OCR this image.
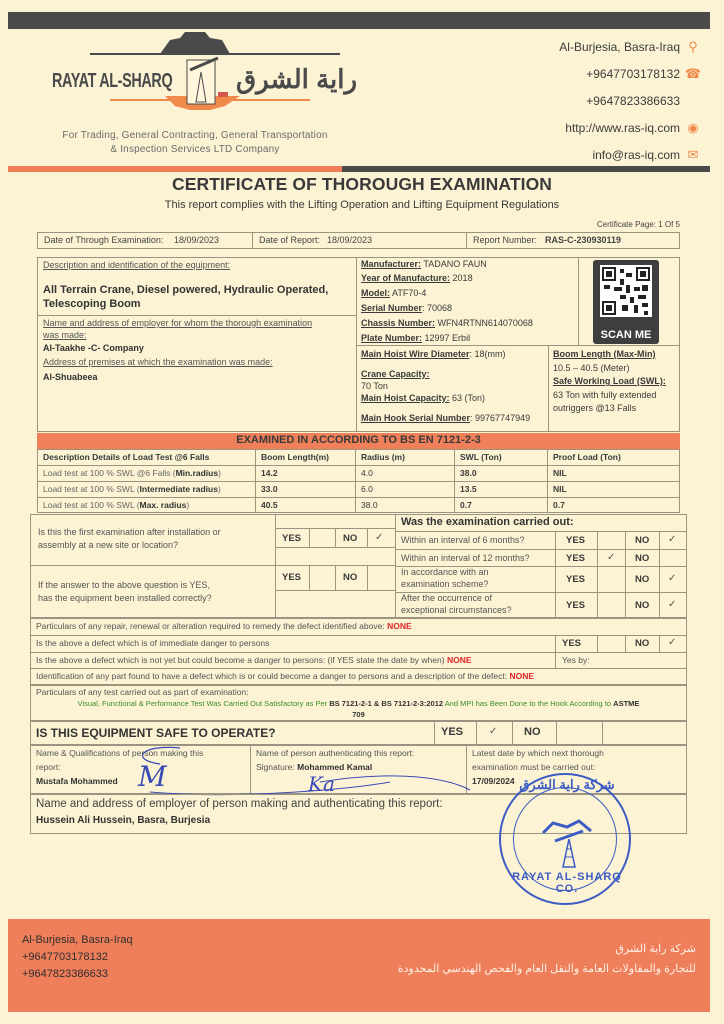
RAYAT AL-SHARQ راية الشرق
For Trading, General Contracting, General Transportation
& Inspection Services LTD Company
Al-Burjesia, Basra-Iraq ⚲
+9647703178132 ☎
+9647823386633
http://www.ras-iq.com ◉
info@ras-iq.com ✉
CERTIFICATE OF THOROUGH EXAMINATION
This report complies with the Lifting Operation and Lifting Equipment Regulations
Certificate Page: 1 Of 5
Date of Through Examination: 18/09/2023	Date of Report: 18/09/2023	Report Number: RAS-C-230930119
Description and identification of the equipment:
All Terrain Crane, Diesel powered, Hydraulic Operated,
Telescoping Boom
Name and address of employer for whom the thorough examination
was made:
Al-Taakhe -C- Company
Address of premises at which the examination was made:
Al-Shuabeea
Manufacturer: TADANO FAUN
Year of Manufacture: 2018
Model: ATF70-4
Serial Number: 70068
Chassis Number: WFN4RTNN614070068
Plate Number: 12997 Erbil	SCAN ME
Main Hoist Wire Diameter: 18(mm)
Crane Capacity:
70 Ton
Main Hoist Capacity: 63 (Ton)
Main Hook Serial Number: 99767747949
Boom Length (Max-Min)
10.5 – 40.5 (Meter)
Safe Working Load (SWL):
63 Ton with fully extended
outriggers @13 Falls
EXAMINED IN ACCORDING TO BS EN 7121-2-3
Description Details of Load Test @6 Falls	Boom Length(m)	Radius (m)	SWL (Ton)	Proof Load (Ton)
Load test at 100 % SWL @6 Falls (Min.radius)	14.2	4.0	38.0	NIL
Load test at 100 % SWL (Intermediate radius)	33.0	6.0	13.5	NIL
Load test at 100 % SWL (Max. radius)	40.5	38.0	0.7	0.7
Is this the first examination after installation or
assembly at a new site or location?
YES	NO ✓
If the answer to the above question is YES,
has the equipment been installed correctly?
YES	NO
Was the examination carried out:
Within an interval of 6 months?	YES	NO ✓
Within an interval of 12 months?	YES ✓ NO
In accordance with an
examination scheme?	YES	NO ✓
After the occurrence of
exceptional circumstances?	YES	NO ✓
Particulars of any repair, renewal or alteration required to remedy the defect identified above: NONE
Is the above a defect which is of immediate danger to persons	YES	NO ✓
Is the above a defect which is not yet but could become a danger to persons: (if YES state the date by when) NONE	Yes by:
Identification of any part found to have a defect which is or could become a danger to persons and a description of the defect: NONE
Particulars of any test carried out as part of examination:
Visual, Functional & Performance Test Was Carried Out Satisfactory as Per BS 7121-2-1 & BS 7121-2-3:2012 And MPI has Been Done to the Hook According to ASTME
709
IS THIS EQUIPMENT SAFE TO OPERATE?	YES	✓ NO
Name & Qualifications of person making this
report:
Mustafa Mohammed M
Name of person authenticating this report:
Signature: Mohammed Kamal
Ka
Latest date by which next thorough
examination must be carried out:
17/09/2024
Name and address of employer of person making and authenticating this report:
Hussein Ali Hussein, Basra, Burjesia
شركة راية الشرق
RAYAT AL-SHARQ CO.
Al-Burjesia, Basra-Iraq
+9647703178132
+9647823386633
شركة راية الشرق
للتجارة والمقاولات العامة والنقل العام والفحص الهندسي المحدودة
